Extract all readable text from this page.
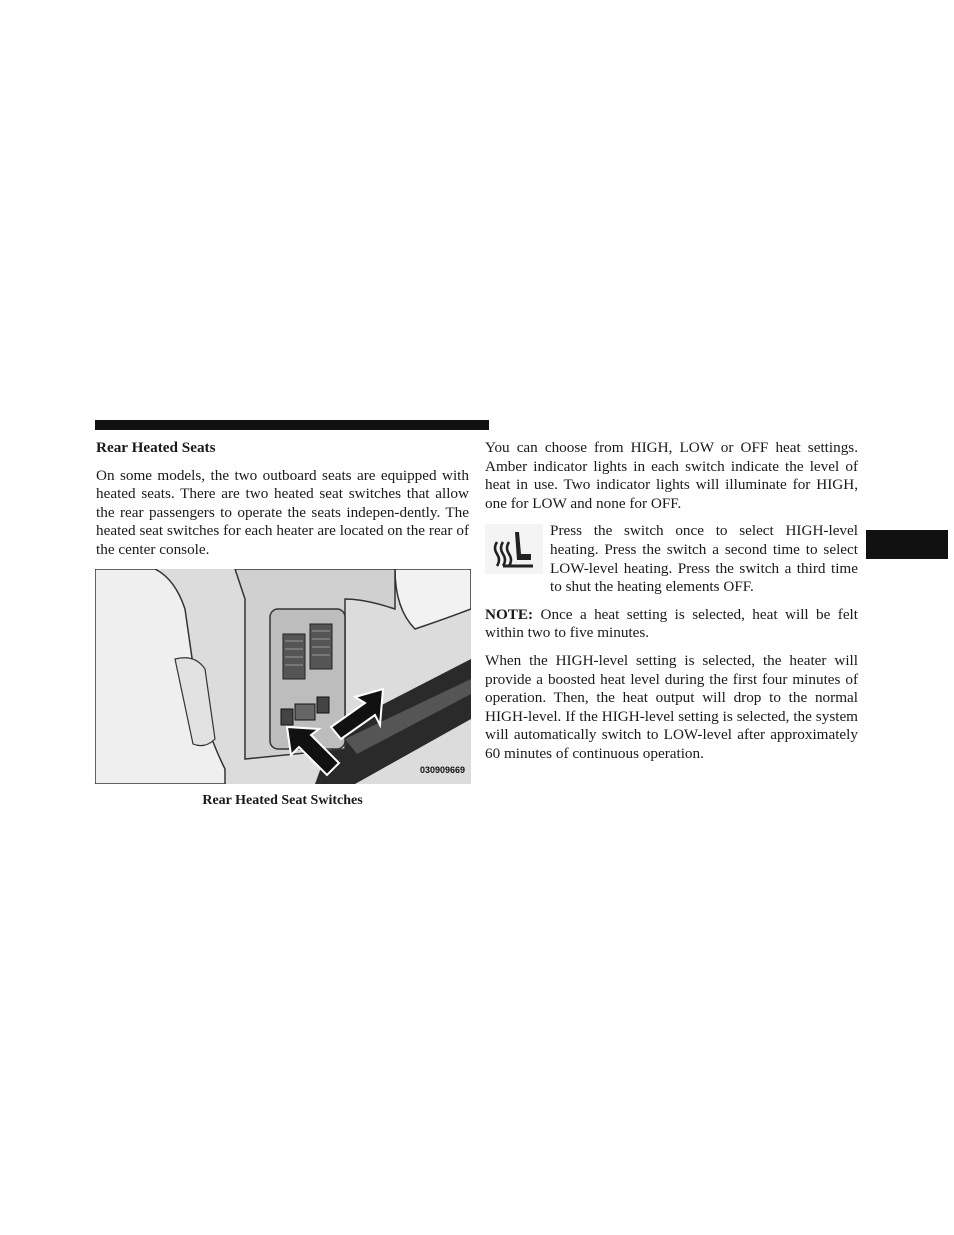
Rear Heated Seats

On some models, the two outboard seats are equipped with heated seats. There are two heated seat switches that allow the rear passengers to operate the seats indepen-dently. The heated seat switches for each heater are located on the rear of the center console.

030909669
Rear Heated Seat Switches

You can choose from HIGH, LOW or OFF heat settings. Amber indicator lights in each switch indicate the level of heat in use. Two indicator lights will illuminate for HIGH, one for LOW and none for OFF.

Press the switch once to select HIGH-level heating. Press the switch a second time to select LOW-level heating. Press the switch a third time to shut the heating elements OFF.

NOTE: Once a heat setting is selected, heat will be felt within two to five minutes.

When the HIGH-level setting is selected, the heater will provide a boosted heat level during the first four minutes of operation. Then, the heat output will drop to the normal HIGH-level. If the HIGH-level setting is selected, the system will automatically switch to LOW-level after approximately 60 minutes of continuous operation.
